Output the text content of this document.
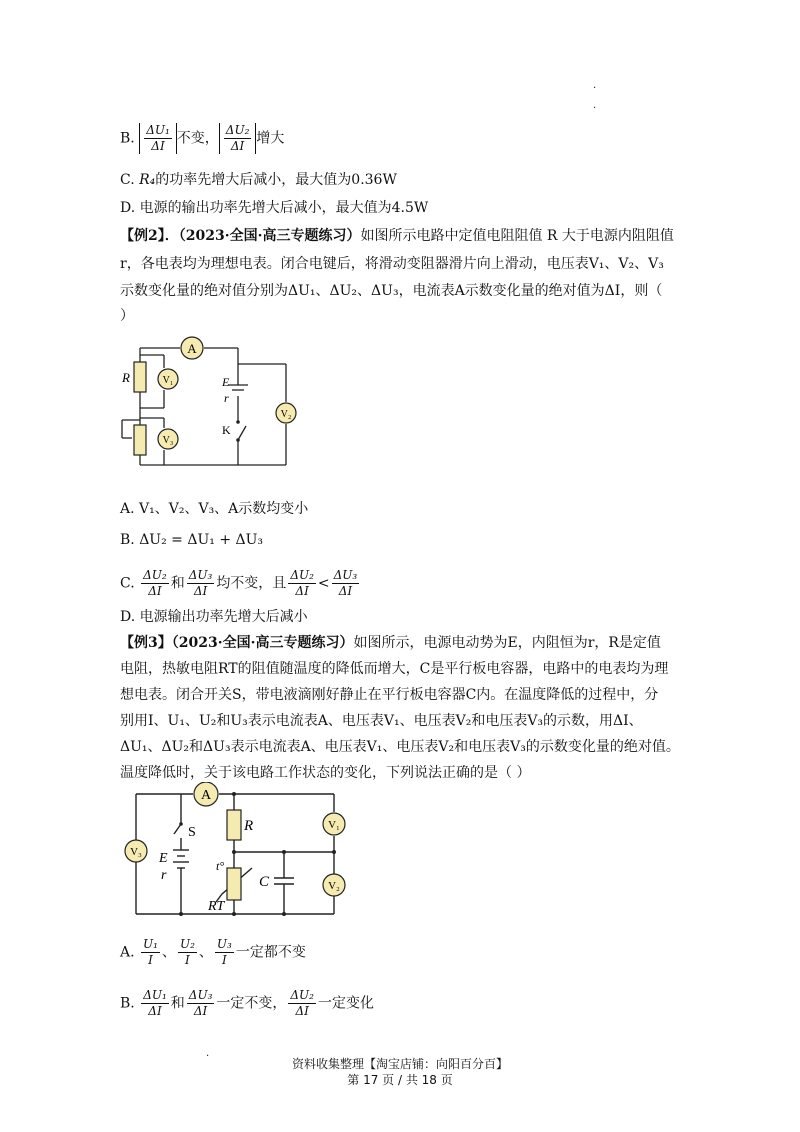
.
.
B. $\frac{\text{ΔU₁}}{\Delta I}$ 不变， $\frac{\text{ΔU₂}}{\Delta I}$ 增大
C. R₄的功率先增大后减小，最大值为0.36W
D. 电源的输出功率先增大后减小，最大值为4.5W
【例2】．（2023·全国·高三专题练习）如图所示电路中定值电阻阻值 R 大于电源内阻阻值
r，各电表均为理想电表。闭合电键后，将滑动变阻器滑片向上滑动，电压表V₁、V₂、V₃
示数变化量的绝对值分别为ΔU₁、ΔU₂、ΔU₃，电流表A示数变化量的绝对值为ΔI，则（
）
A
R	V₁
V₃
E
r
V₂
K
A. V₁、V₂、V₃、A示数均变小
B. ΔU₂ = ΔU₁ + ΔU₃
C. $\frac{\text{ΔU₂}}{\Delta I}$ 和 $\frac{\text{ΔU₃}}{\Delta I}$ 均不变，且 $\frac{\text{ΔU₂}}{\Delta I} < \frac{\text{ΔU₃}}{\Delta I}$
D. 电源输出功率先增大后减小
【例3】（2023·全国·高三专题练习）如图所示，电源电动势为E，内阻恒为r，R是定值
电阻，热敏电阻RT的阻值随温度的降低而增大，C是平行板电容器，电路中的电表均为理
想电表。闭合开关S，带电液滴刚好静止在平行板电容器C内。在温度降低的过程中，分
别用I、U₁、U₂和U₃表示电流表A、电压表V₁、电压表V₂和电压表V₃的示数，用ΔI、
ΔU₁、ΔU₂和ΔU₃表示电流表A、电压表V₁、电压表V₂和电压表V₃的示数变化量的绝对值。
温度降低时，关于该电路工作状态的变化，下列说法正确的是（ ）
A
S	R
V₃ E
r	C
V₁
V₂
RT
t°
A. $\frac{\text{U₁}}{I}$ 、 $\frac{\text{U₂}}{I}$ 、 $\frac{\text{U₃}}{I}$ 一定都不变
B. $\frac{\text{ΔU₁}}{\Delta I}$ 和 $\frac{\text{ΔU₃}}{\Delta I}$ 一定不变， $\frac{\text{ΔU₂}}{\Delta I}$ 一定变化
.
资料收集整理【淘宝店铺：向阳百分百】
第 17 页 / 共 18 页
